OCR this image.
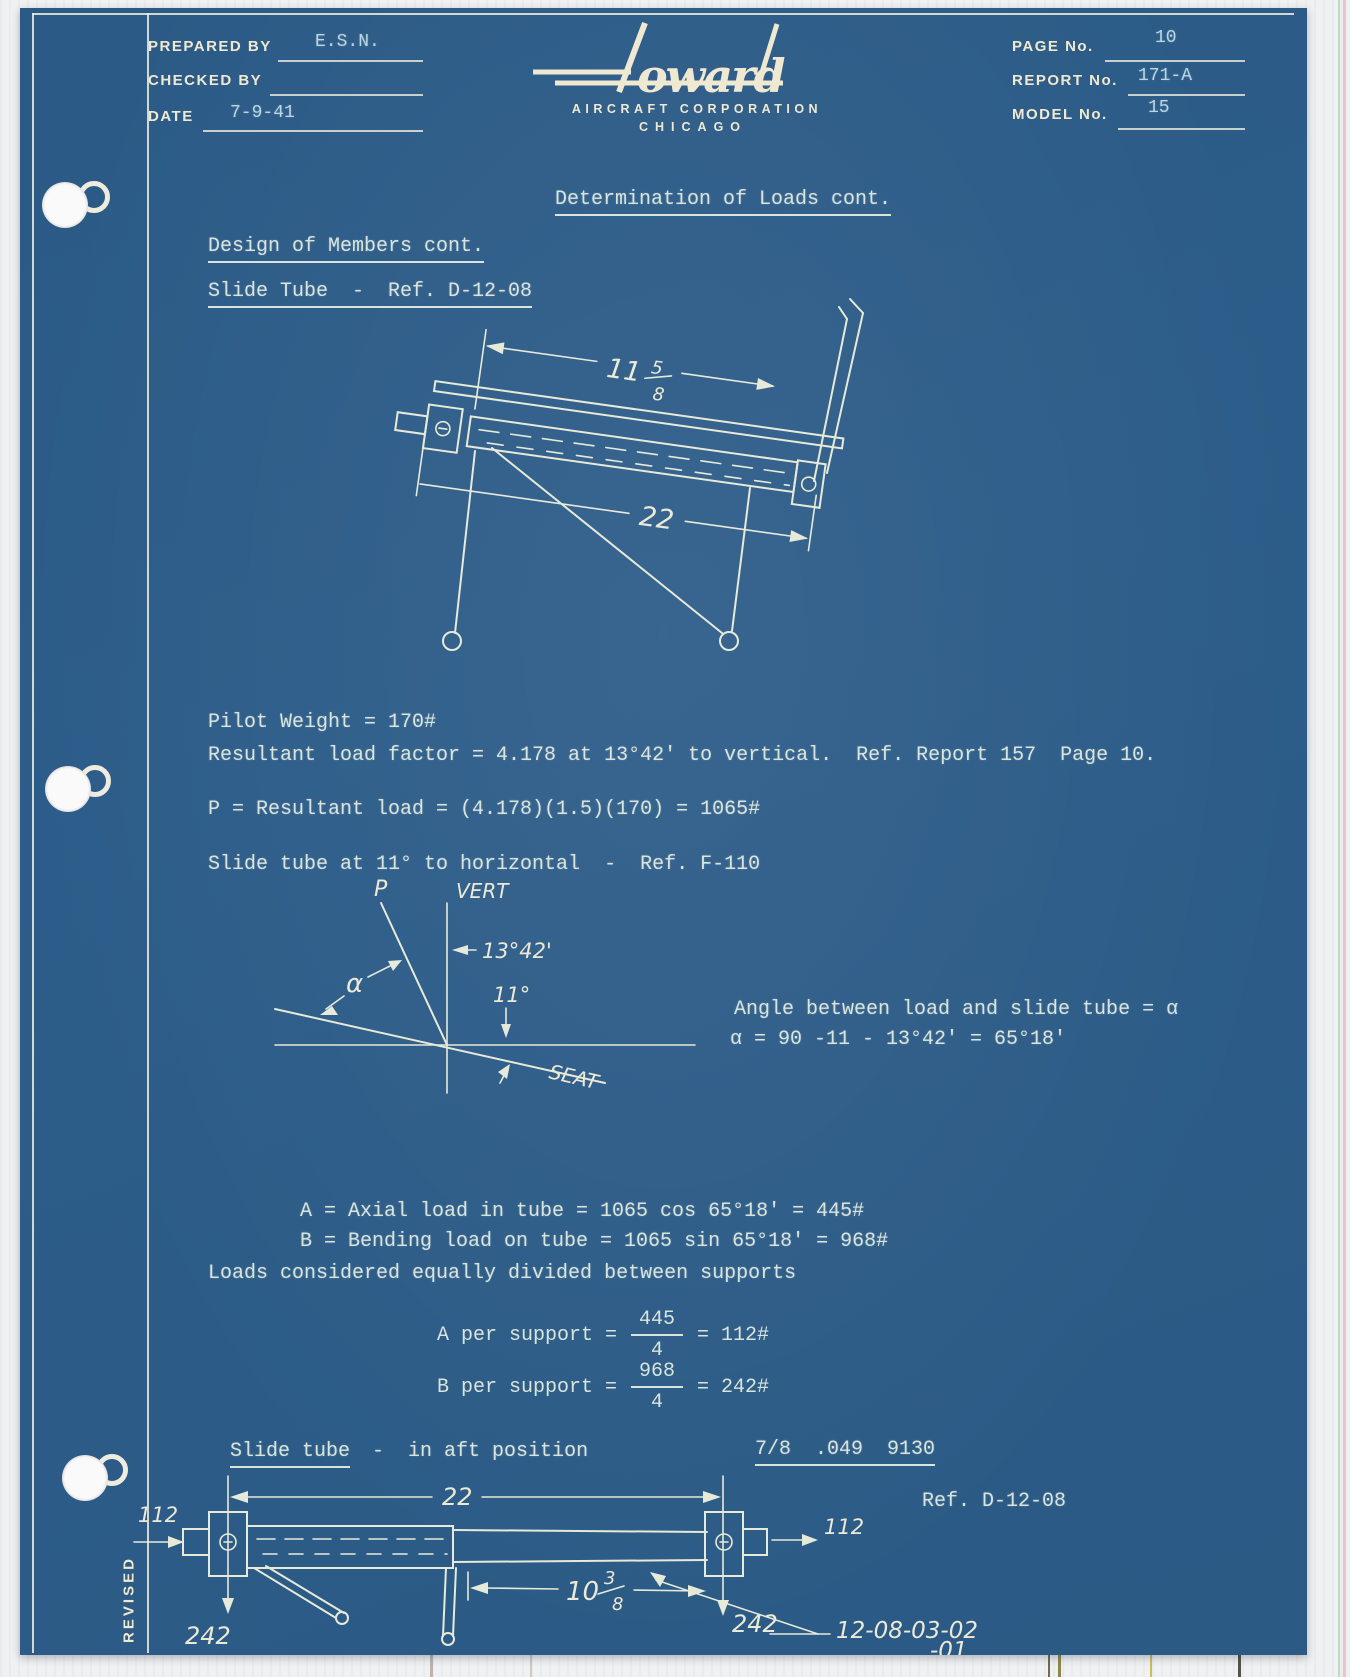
REVISED
PREPARED BY E.S.N.
CHECKED BY
DATE 7-9-41
oward
AIRCRAFT CORPORATION
CHICAGO
PAGE No.	10
REPORT No. 171-A
MODEL No. 15
Determination of Loads cont.
Design of Members cont.
Slide Tube  -  Ref. D-12-08
11 5
8
22
Pilot Weight = 170#
Resultant load factor = 4.178 at 13°42' to vertical.  Ref. Report 157  Page 10.
P = Resultant load = (4.178)(1.5)(170) = 1065#
Slide tube at 11° to horizontal  -  Ref. F-110
P	VERT
SEAT
13°42'
11°
α
Angle between load and slide tube = α
α = 90 -11 - 13°42' = 65°18'
A = Axial load in tube = 1065 cos 65°18' = 445#
B = Bending load on tube = 1065 sin 65°18' = 968#
Loads considered equally divided between supports
A per support = $\frac{445}{4}$ = 112#
B per support = $\frac{968}{4}$ = 242#
Slide tube -  in aft position	7/8  .049  9130
Ref. D-12-08
22
112
242
10 3
8
112
242	12-08-03-02
-01
